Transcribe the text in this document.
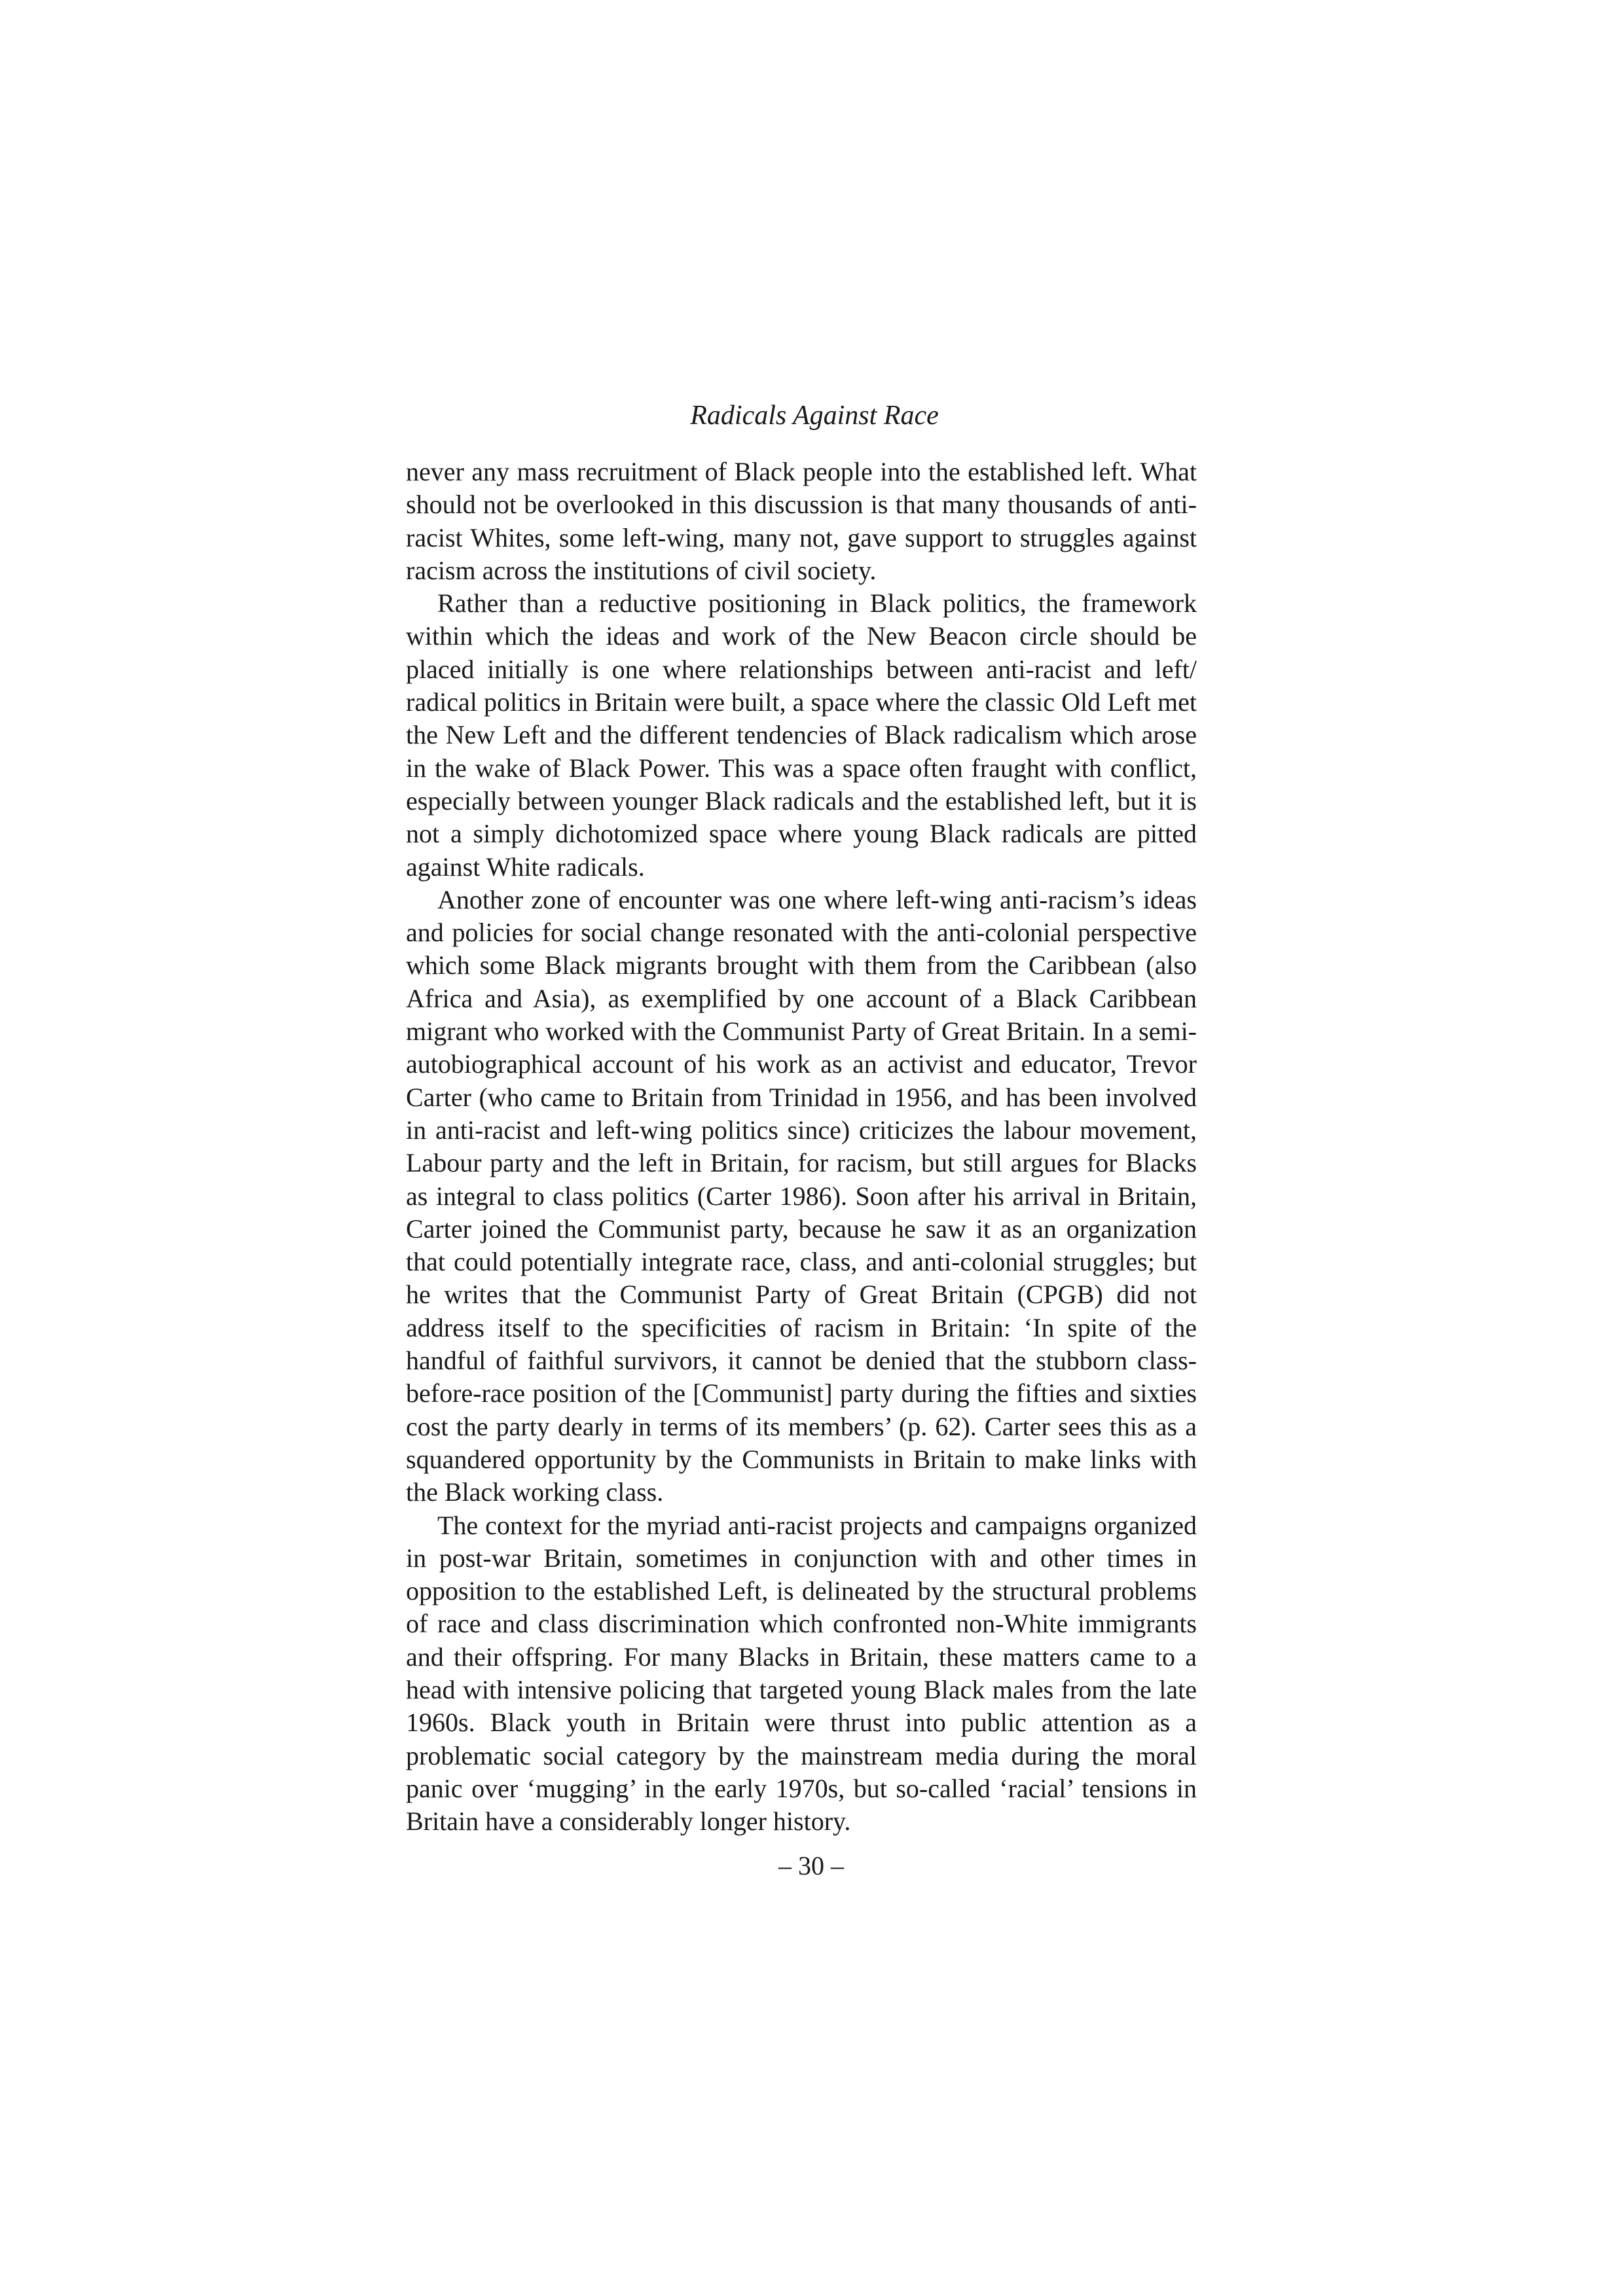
Radicals Against Race

never any mass recruitment of Black people into the established left. What should not be overlooked in this discussion is that many thousands of anti-racist Whites, some left-wing, many not, gave support to struggles against racism across the institutions of civil society.

Rather than a reductive positioning in Black politics, the framework within which the ideas and work of the New Beacon circle should be placed initially is one where relationships between anti-racist and left/ radical politics in Britain were built, a space where the classic Old Left met the New Left and the different tendencies of Black radicalism which arose in the wake of Black Power. This was a space often fraught with conflict, especially between younger Black radicals and the established left, but it is not a simply dichotomized space where young Black radicals are pitted against White radicals.

Another zone of encounter was one where left-wing anti-racism’s ideas and policies for social change resonated with the anti-colonial perspective which some Black migrants brought with them from the Caribbean (also Africa and Asia), as exemplified by one account of a Black Caribbean migrant who worked with the Communist Party of Great Britain. In a semi-autobiographical account of his work as an activist and educator, Trevor Carter (who came to Britain from Trinidad in 1956, and has been involved in anti-racist and left-wing politics since) criticizes the labour movement, Labour party and the left in Britain, for racism, but still argues for Blacks as integral to class politics (Carter 1986). Soon after his arrival in Britain, Carter joined the Communist party, because he saw it as an organization that could potentially integrate race, class, and anti-colonial struggles; but he writes that the Communist Party of Great Britain (CPGB) did not address itself to the specificities of racism in Britain: ‘In spite of the handful of faithful survivors, it cannot be denied that the stubborn class-before-race position of the [Communist] party during the fifties and sixties cost the party dearly in terms of its members’ (p. 62). Carter sees this as a squandered opportunity by the Communists in Britain to make links with the Black working class.

The context for the myriad anti-racist projects and campaigns organized in post-war Britain, sometimes in conjunction with and other times in opposition to the established Left, is delineated by the structural problems of race and class discrimination which confronted non-White immigrants and their offspring. For many Blacks in Britain, these matters came to a head with intensive policing that targeted young Black males from the late 1960s. Black youth in Britain were thrust into public attention as a problematic social category by the mainstream media during the moral panic over ‘mugging’ in the early 1970s, but so-called ‘racial’ tensions in Britain have a considerably longer history.

– 30 –
